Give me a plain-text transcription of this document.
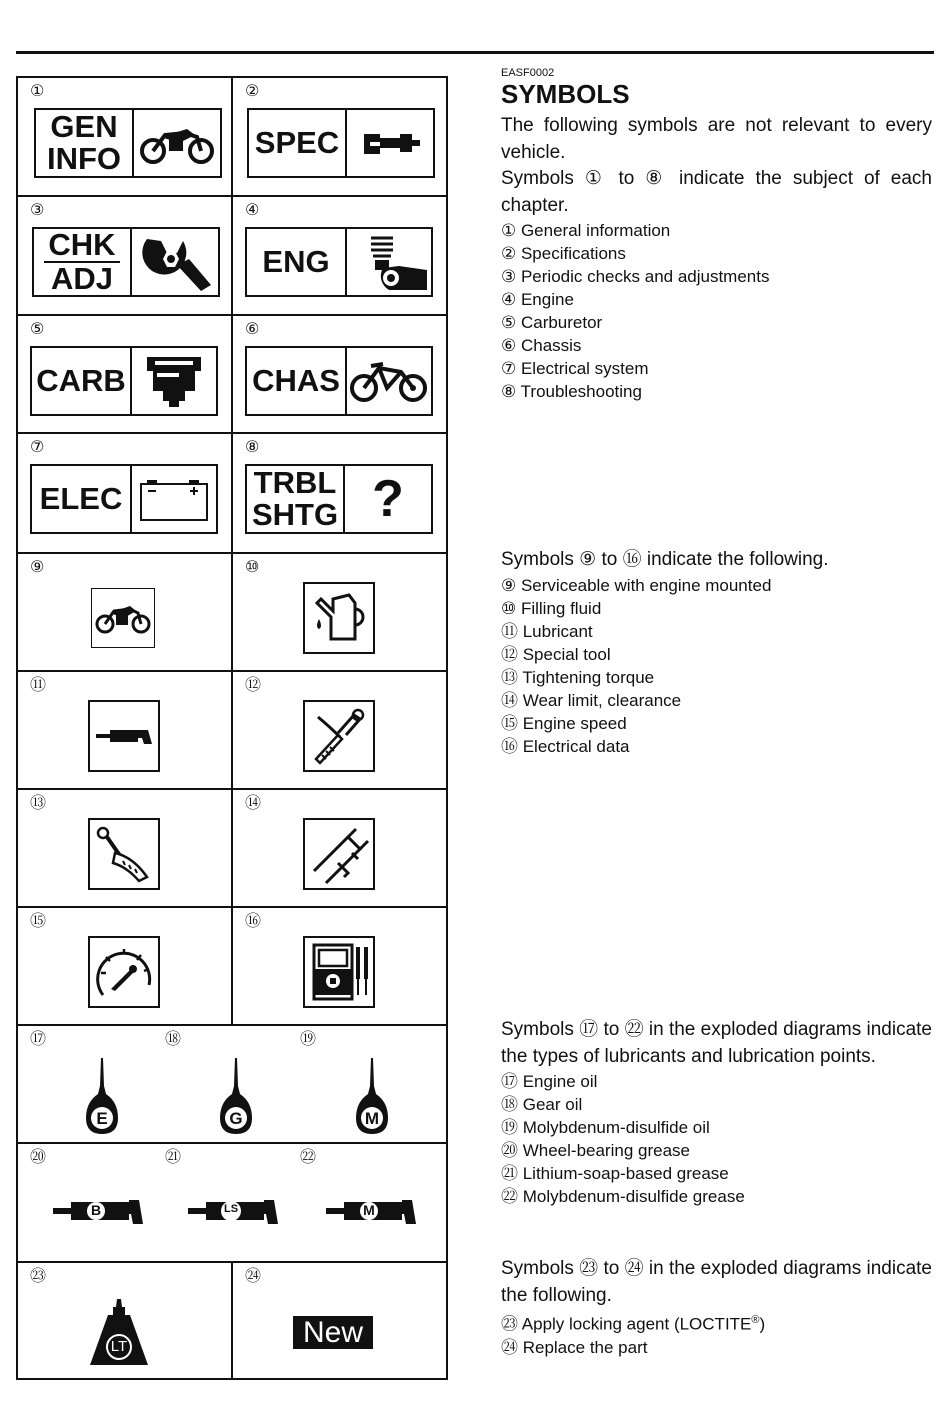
①
GEN
INFO
②
SPEC
③
CHK
ADJ
④
ENG
⑤
CARB
⑥
CHAS
⑦
ELEC
⑧
TRBL
SHTG ?
⑨	⑩
⑪	⑫
⑬	⑭
⑮	⑯
⑰	⑱	⑲
E	G	M
⑳	㉑	㉒
B	LS	M
㉓
LT
㉔
New
EASF0002
SYMBOLS
The following symbols are not relevant to every vehicle.
Symbols ① to ⑧ indicate the subject of each chapter.
① General information
② Specifications
③ Periodic checks and adjustments
④ Engine
⑤ Carburetor
⑥ Chassis
⑦ Electrical system
⑧ Troubleshooting
Symbols ⑨ to ⑯ indicate the following.
⑨ Serviceable with engine mounted
⑩ Filling fluid
⑪ Lubricant
⑫ Special tool
⑬ Tightening torque
⑭ Wear limit, clearance
⑮ Engine speed
⑯ Electrical data
Symbols ⑰ to ㉒ in the exploded diagrams indicate the types of lubricants and lubrication points.
⑰ Engine oil
⑱ Gear oil
⑲ Molybdenum-disulfide oil
⑳ Wheel-bearing grease
㉑ Lithium-soap-based grease
㉒ Molybdenum-disulfide grease
Symbols ㉓ to ㉔ in the exploded diagrams indicate the following.
㉓ Apply locking agent (LOCTITE®)
㉔ Replace the part
